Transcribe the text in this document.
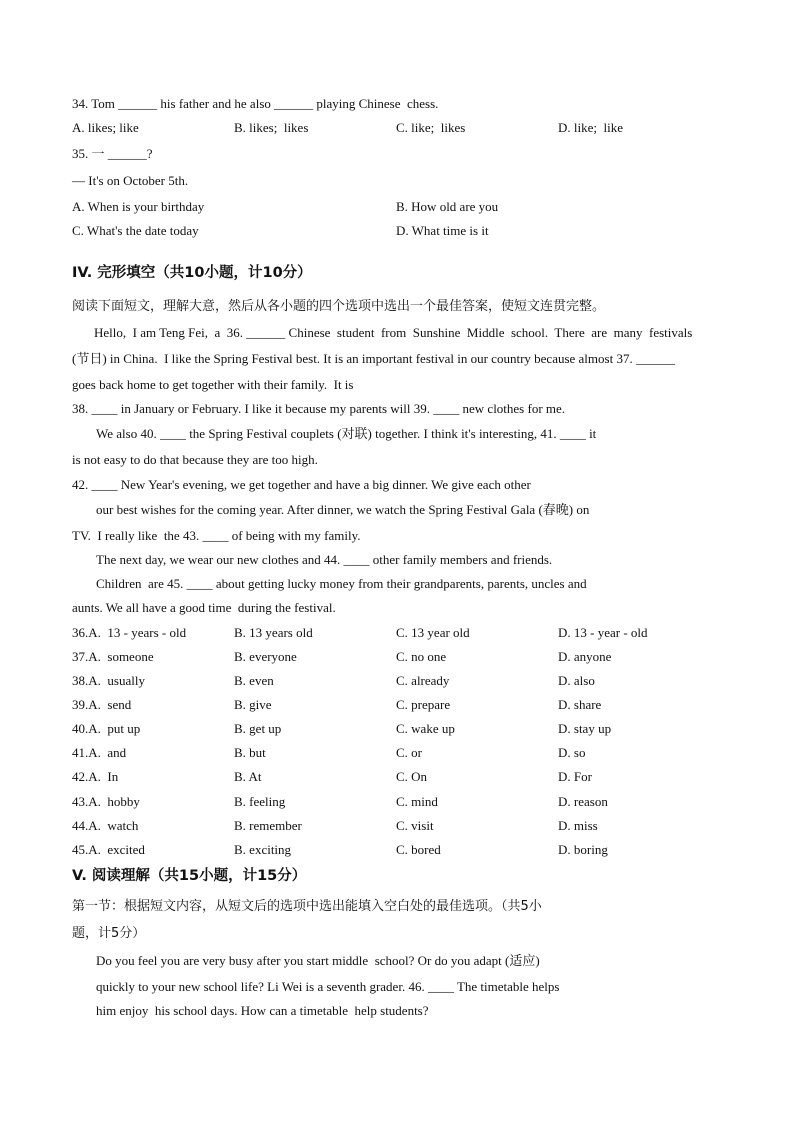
34. Tom ______ his father and he also ______ playing Chinese  chess.
A. likes; like	B. likes;  likes	C. like;  likes	D. like;  like
35. 一 ______?
— It's on October 5th.
A. When is your birthday	B. How old are you
C. What's the date today	D. What time is it
IV. 完形填空（共10小题，计10分）
阅读下面短文，理解大意，然后从各小题的四个选项中选出一个最佳答案，使短文连贯完整。
Hello,  I am Teng Fei,  a  36. ______ Chinese  student  from  Sunshine  Middle  school.  There  are  many  festivals
(节日) in China.  I like the Spring Festival best. It is an important festival in our country because almost 37. ______
goes back home to get together with their family.  It is
38. ____ in January or February. I like it because my parents will 39. ____ new clothes for me.
We also 40. ____ the Spring Festival couplets (对联) together. I think it's interesting, 41. ____ it
is not easy to do that because they are too high.
42. ____ New Year's evening, we get together and have a big dinner. We give each other
our best wishes for the coming year. After dinner, we watch the Spring Festival Gala (春晚) on
TV.  I really like  the 43. ____ of being with my family.
The next day, we wear our new clothes and 44. ____ other family members and friends.
Children  are 45. ____ about getting lucky money from their grandparents, parents, uncles and
aunts. We all have a good time  during the festival.
36.A.  13 - years - old	B. 13 years old	C. 13 year old	D. 13 - year - old
37.A.  someone	B. everyone	C. no one	D. anyone
38.A.  usually	B. even	C. already	D. also
39.A.  send	B. give	C. prepare	D. share
40.A.  put up	B. get up	C. wake up	D. stay up
41.A.  and	B. but	C. or	D. so
42.A.  In	B. At	C. On	D. For
43.A.  hobby	B. feeling	C. mind	D. reason
44.A.  watch	B. remember	C. visit	D. miss
45.A.  excited	B. exciting	C. bored	D. boring
V. 阅读理解（共15小题，计15分）
第一节：根据短文内容，从短文后的选项中选出能填入空白处的最佳选项。（共5小
题，计5分）
Do you feel you are very busy after you start middle  school? Or do you adapt (适应)
quickly to your new school life? Li Wei is a seventh grader. 46. ____ The timetable helps
him enjoy  his school days. How can a timetable  help students?
